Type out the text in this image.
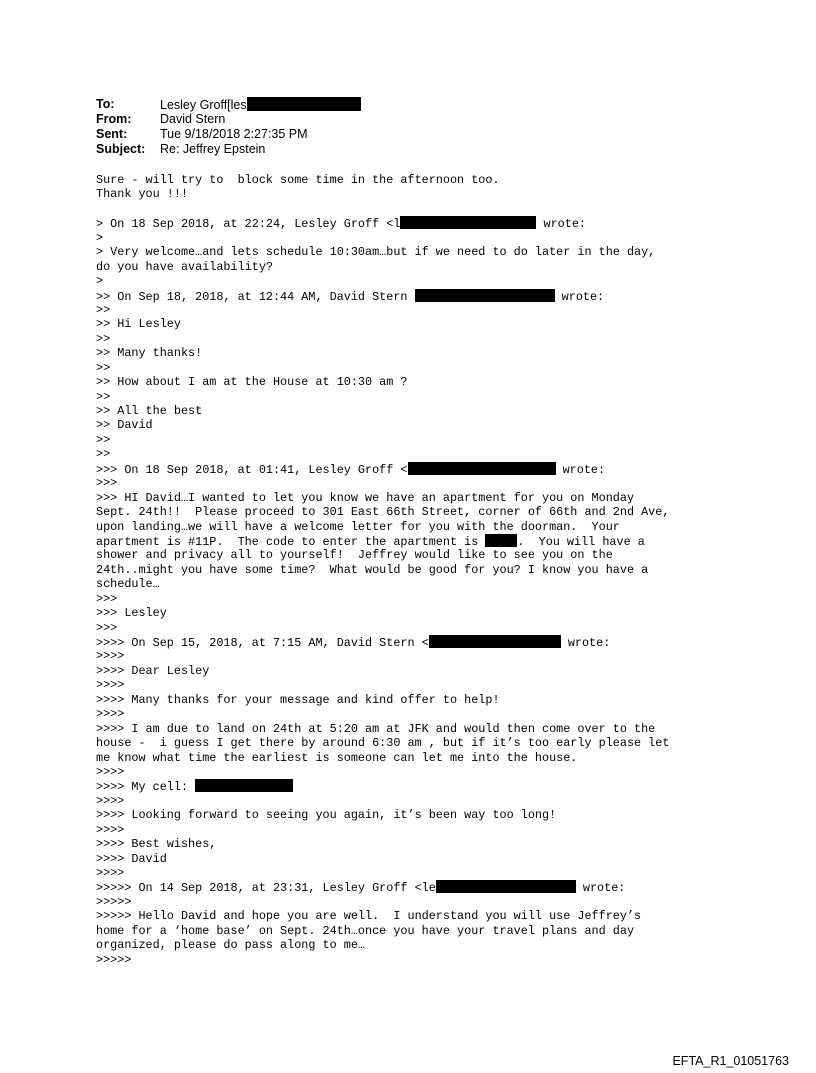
To:	Lesley Groff[les
From: David Stern
Sent:	Tue 9/18/2018 2:27:35 PM
Subject: Re: Jeffrey Epstein
Sure - will try to  block some time in the afternoon too.
Thank you !!!
> On 18 Sep 2018, at 22:24, Lesley Groff <l	wrote:
>
> Very welcome…and lets schedule 10:30am…but if we need to do later in the day,
do you have availability?
>
>> On Sep 18, 2018, at 12:44 AM, David Stern	wrote:
>>
>> Hi Lesley
>>
>> Many thanks!
>>
>> How about I am at the House at 10:30 am ?
>>
>> All the best
>> David
>>
>>
>>> On 18 Sep 2018, at 01:41, Lesley Groff <	wrote:
>>>
>>> HI David…I wanted to let you know we have an apartment for you on Monday
Sept. 24th!!  Please proceed to 301 East 66th Street, corner of 66th and 2nd Ave,
upon landing…we will have a welcome letter for you with the doorman.  Your
apartment is #11P.  The code to enter the apartment is	.  You will have a
shower and privacy all to yourself!  Jeffrey would like to see you on the
24th..might you have some time?  What would be good for you? I know you have a
schedule…
>>>
>>> Lesley
>>>
>>>> On Sep 15, 2018, at 7:15 AM, David Stern <	wrote:
>>>>
>>>> Dear Lesley
>>>>
>>>> Many thanks for your message and kind offer to help!
>>>>
>>>> I am due to land on 24th at 5:20 am at JFK and would then come over to the
house -  i guess I get there by around 6:30 am , but if it’s too early please let
me know what time the earliest is someone can let me into the house.
>>>>
>>>> My cell:
>>>>
>>>> Looking forward to seeing you again, it’s been way too long!
>>>>
>>>> Best wishes,
>>>> David
>>>>
>>>>> On 14 Sep 2018, at 23:31, Lesley Groff <le	wrote:
>>>>>
>>>>> Hello David and hope you are well.  I understand you will use Jeffrey’s
home for a ‘home base’ on Sept. 24th…once you have your travel plans and day
organized, please do pass along to me…
>>>>>
EFTA_R1_01051763
